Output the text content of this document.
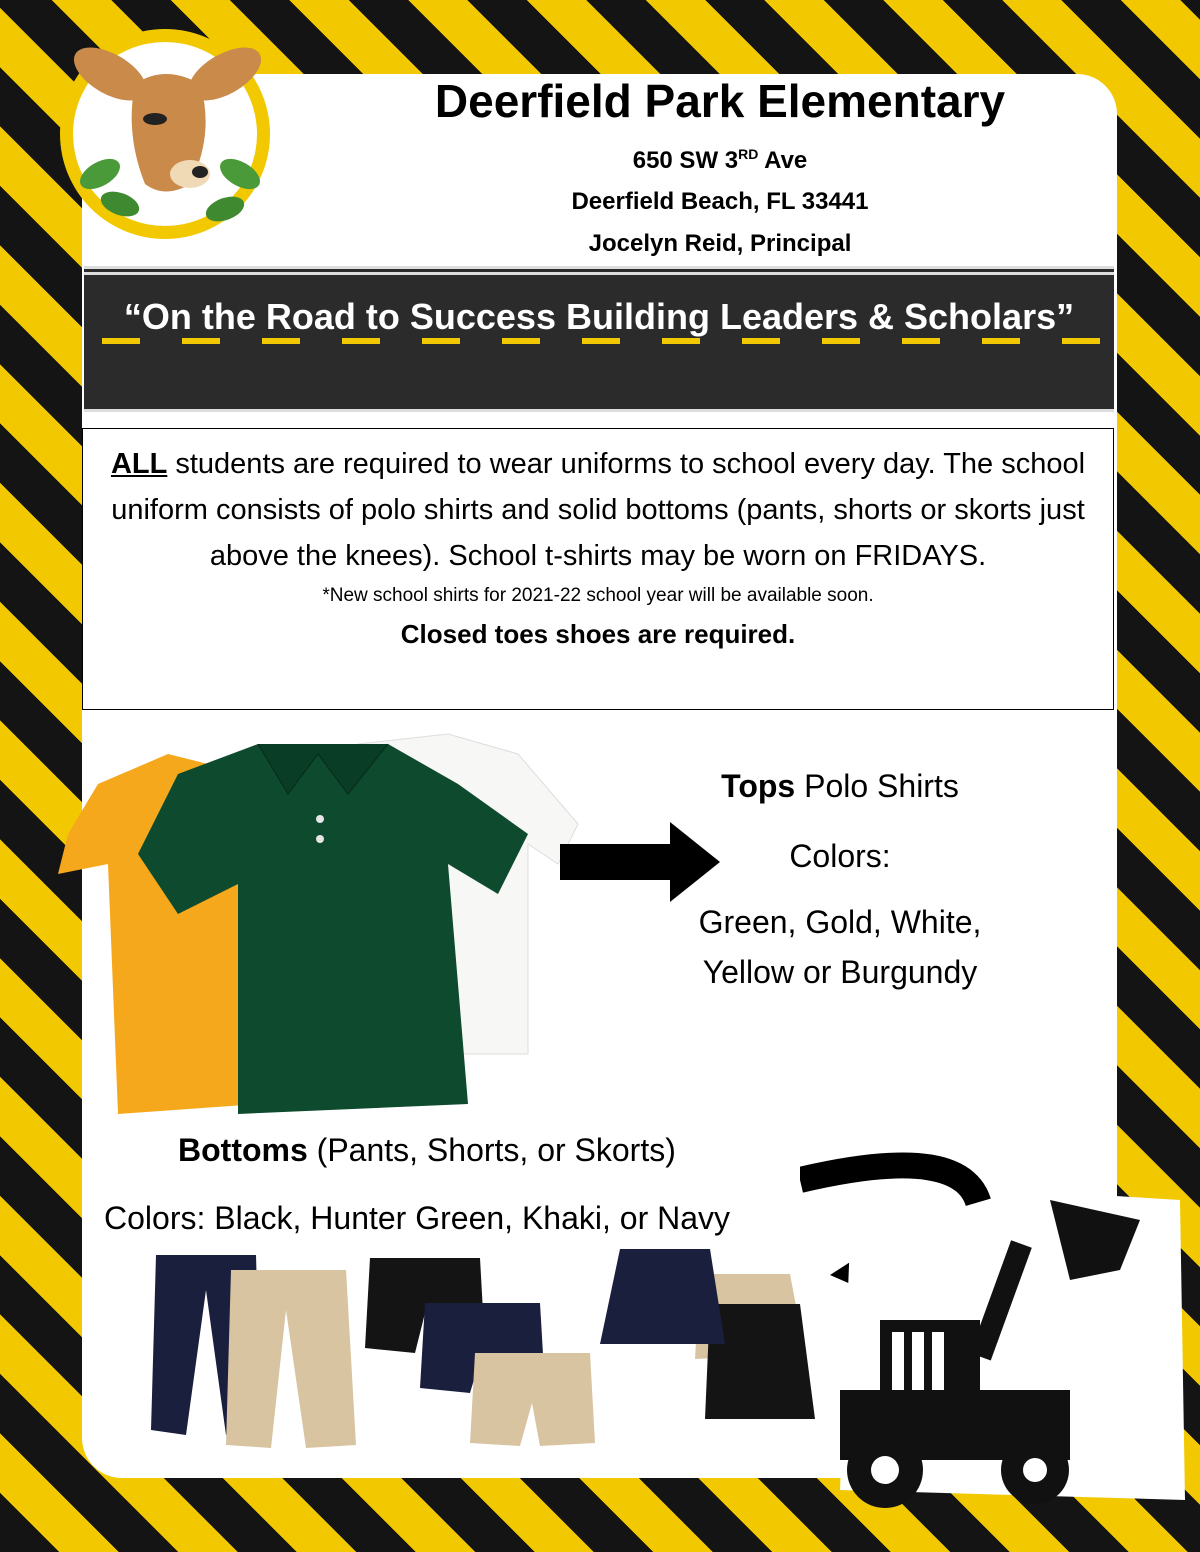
Deerfield Park Elementary
650 SW 3RD Ave
Deerfield Beach, FL 33441
Jocelyn Reid, Principal
“On the Road to Success Building Leaders & Scholars”
ALL students are required to wear uniforms to school every day. The school uniform consists of polo shirts and solid bottoms (pants, shorts or skorts just above the knees). School t-shirts may be worn on FRIDAYS.
*New school shirts for 2021-22 school year will be available soon.
Closed toes shoes are required.
Tops Polo Shirts
Colors:
Green, Gold, White,
Yellow or Burgundy
Bottoms (Pants, Shorts, or Skorts)
Colors: Black, Hunter Green, Khaki, or Navy
